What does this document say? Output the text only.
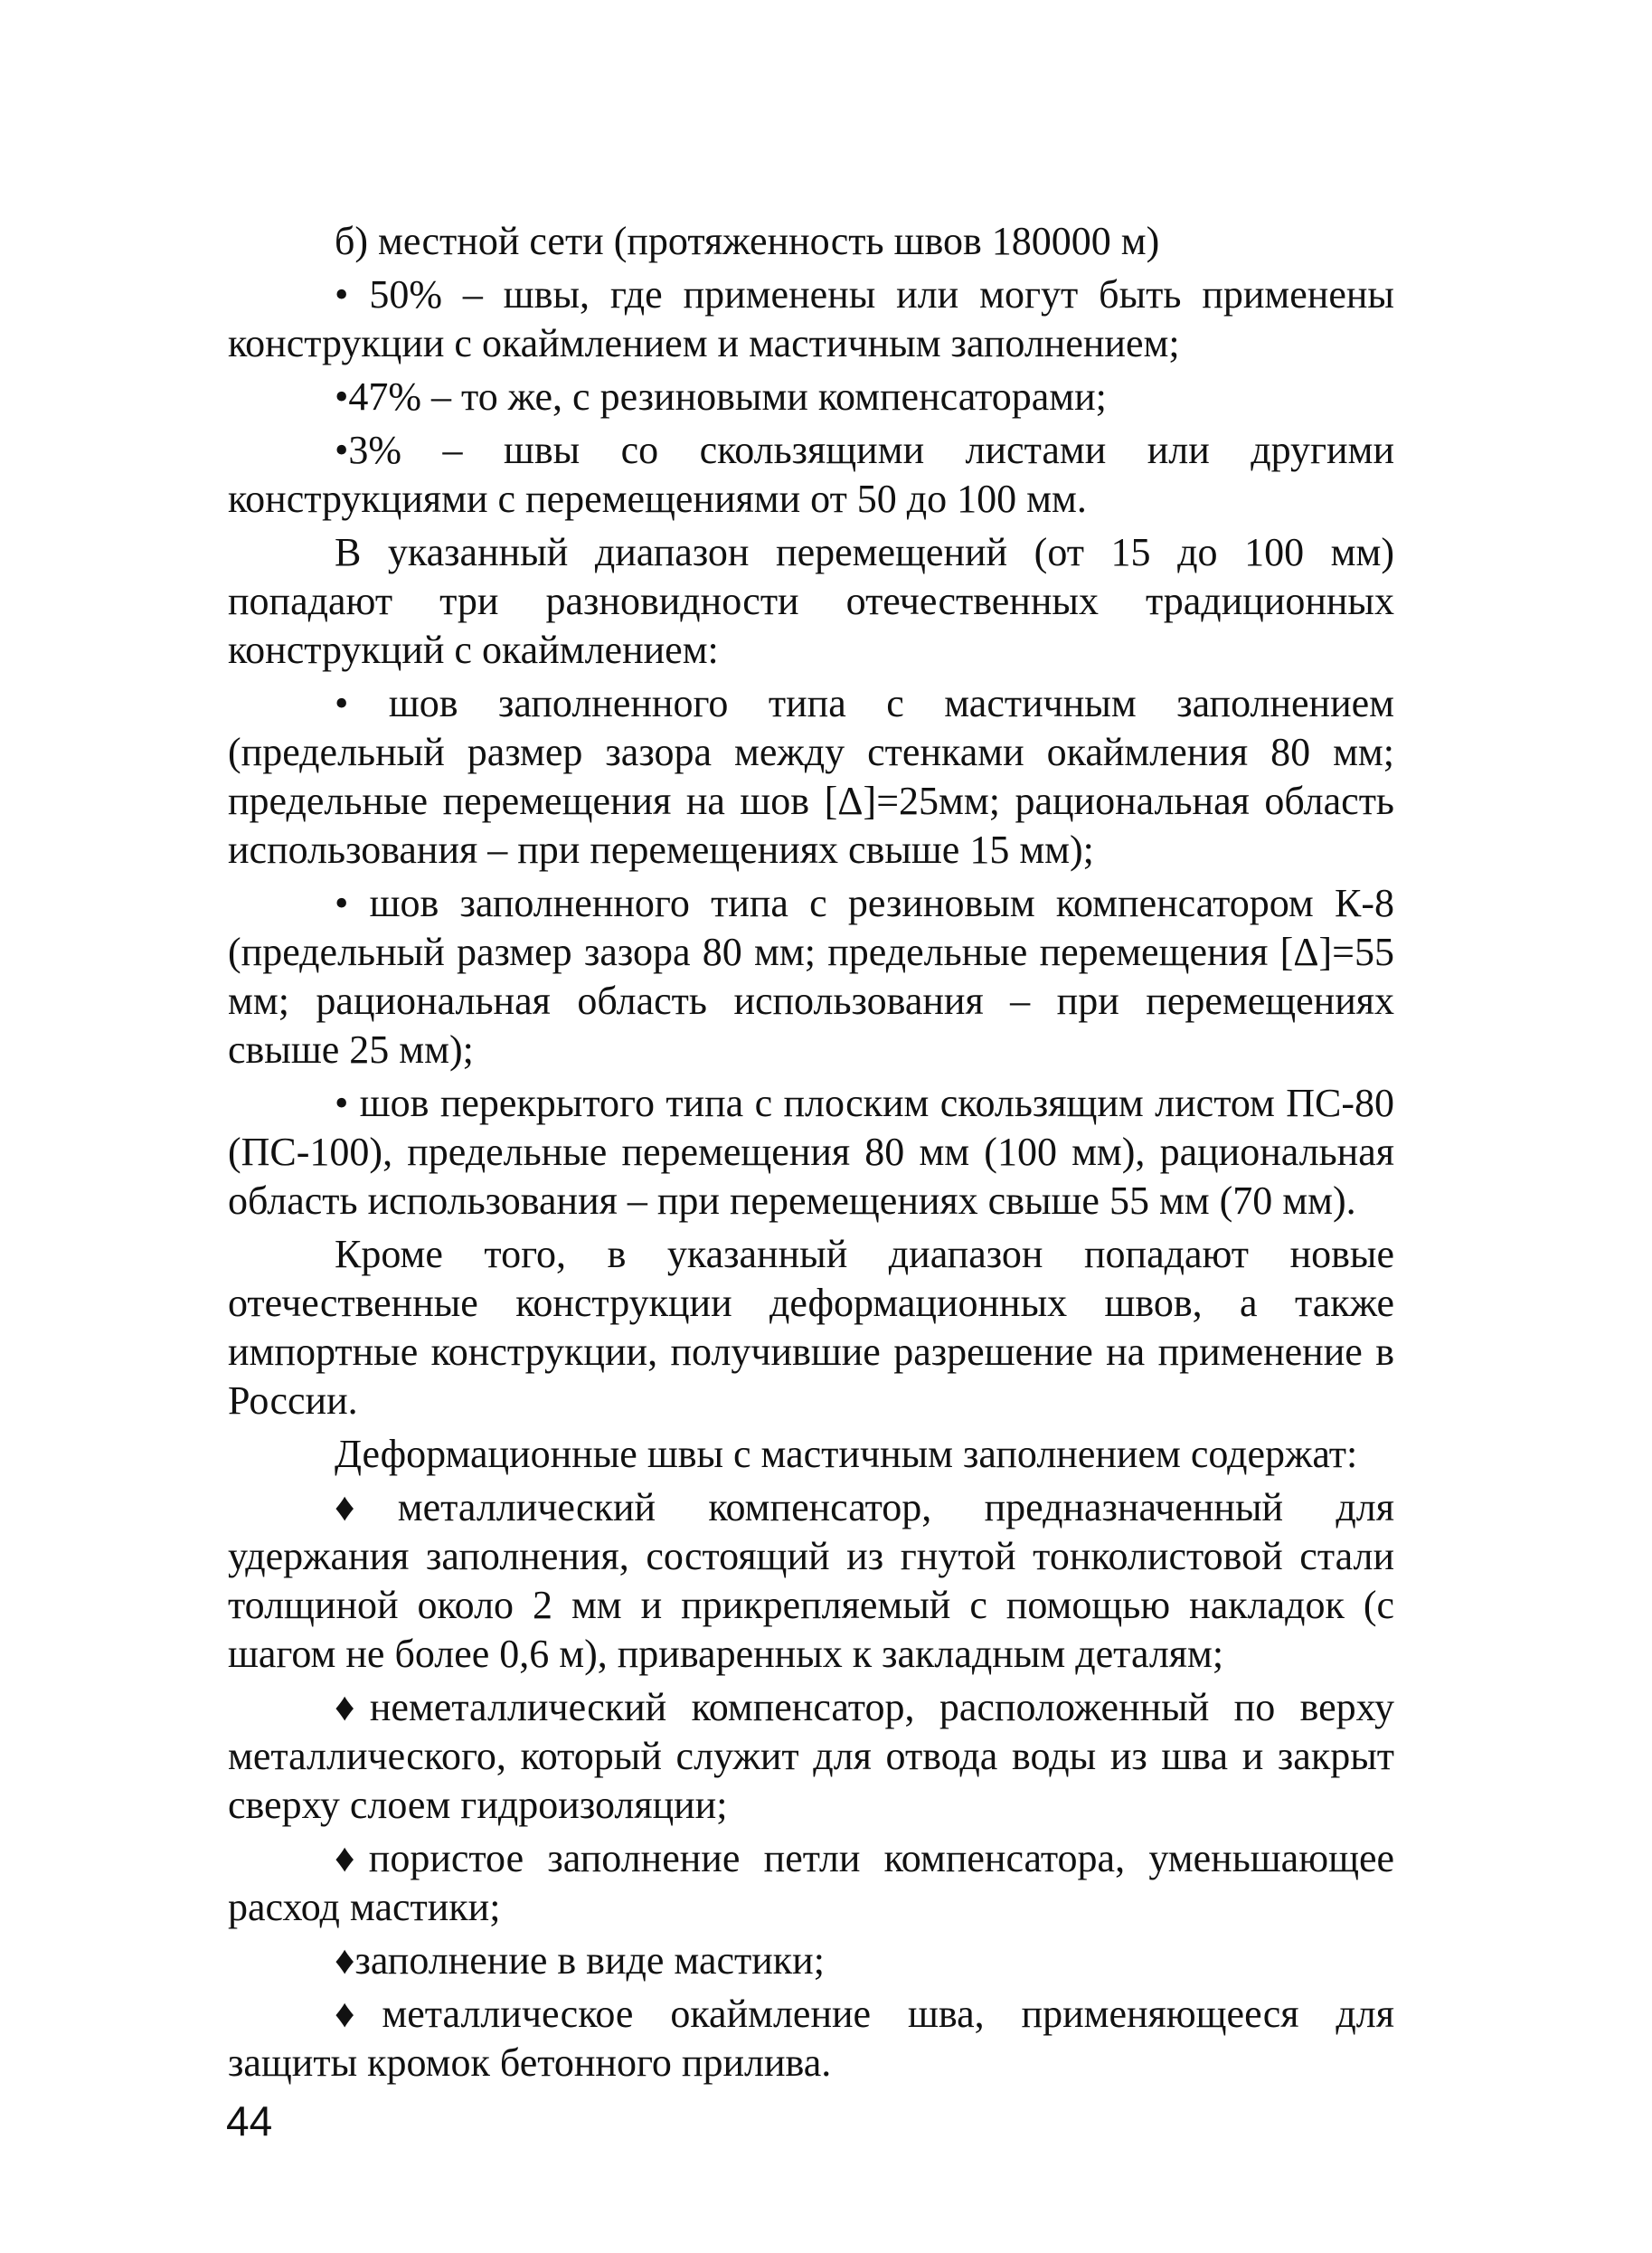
б) местной сети (протяженность швов 180000 м)

• 50% – швы, где применены или могут быть применены конструкции с окаймлением и мастичным заполнением;

•47% – то же, с резиновыми компенсаторами;

•3% – швы со скользящими листами или другими конструкциями с перемещениями от 50 до 100 мм.

В указанный диапазон перемещений (от 15 до 100 мм) попадают три разновидности отечественных традиционных конструкций с окаймлением:

• шов заполненного типа с мастичным заполнением (предельный размер зазора между стенками окаймления 80 мм; предельные перемещения на шов [Δ]=25мм; рациональная область использования – при перемещениях свыше 15 мм);

• шов заполненного типа с резиновым компенсатором К-8 (предельный размер зазора 80 мм; предельные перемещения [Δ]=55 мм; рациональная область использования – при перемещениях свыше 25 мм);

• шов перекрытого типа с плоским скользящим листом ПС-80 (ПС-100), предельные перемещения 80 мм (100 мм), рациональная область использования – при перемещениях свыше 55 мм (70 мм).

Кроме того, в указанный диапазон попадают новые отечественные конструкции деформационных швов, а также импортные конструкции, получившие разрешение на применение в России.

Деформационные швы с мастичным заполнением содержат:

♦металлический компенсатор, предназначенный для удержания заполнения, состоящий из гнутой тонколистовой стали толщиной около 2 мм и прикрепляемый с помощью накладок (с шагом не более 0,6 м), приваренных к закладным деталям;

♦неметаллический компенсатор, расположенный по верху металлического, который служит для отвода воды из шва и закрыт сверху слоем гидроизоляции;

♦пористое заполнение петли компенсатора, уменьшающее расход мастики;

♦заполнение в виде мастики;

♦металлическое окаймление шва, применяющееся для защиты кромок бетонного прилива.

44
